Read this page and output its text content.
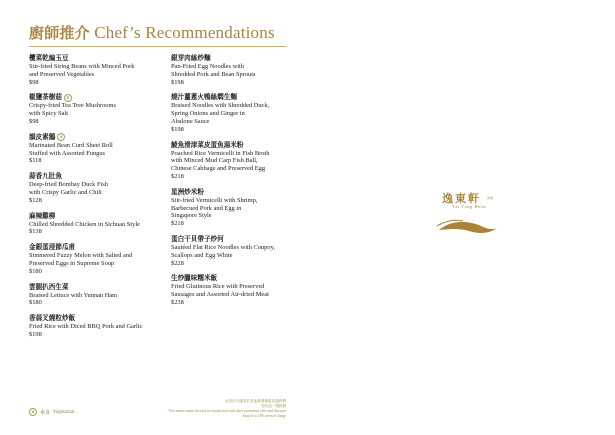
廚師推介 Chef’s Recommendations
欖菜乾煸玉豆
Stir-fried String Beans with Minced Pork
and Preserved Vegetables
$98
椒鹽茶樹菇	❦
Crispy-fried Tea Tree Mushrooms
with Spicy Salt
$98
韻皮素鵝	❦
Marinated Bean Curd Sheet Roll
Stuffed with Assorted Fungus
$118
蒜香九肚魚
Deep-fried Bombay Duck Fish
with Crispy Garlic and Chili
$128
麻辣雞柳
Chilled Shredded Chicken in Sichuan Style
$138
金銀蛋浸節瓜甫
Simmered Fuzzy Melon with Salted and
Preserved Eggs in Supreme Soup
$180
雲腿扒西生菜
Braised Lettuce with Yunnan Ham
$180
香蒜叉燒粒炒飯
Fried Rice with Diced BBQ Pork and Garlic
$198
銀芽肉絲炒麵
Pan-Fried Egg Noodles with
Shredded Pork and Bean Sprouts
$198
燒汁薑蔥火鴨絲燜生麵
Braised Noodles with Shredded Duck,
Spring Onions and Ginger in
Abalone Sauce
$198
鯪魚滑津菜皮蛋魚湯米粉
Poached Rice Vermicelli in Fish Broth
with Minced Mud Carp Fish Ball,
Chinese Cabbage and Preserved Egg
$218
星洲炒米粉
Stir-fried Vermicelli with Shrimp,
Barbecued Pork and Egg in
Singapore Style
$218
蛋白干貝帶子炒河
Sautéed Flat Rice Noodles with Conpoy,
Scallops and Egg White
$228
生炒臘味糯米飯
Fried Glutinous Rice with Preserved
Sausages and Assorted Air-dried Meat
$238
❦	素食 Vegetarian
此折扣不適用於其他推廣優惠及服務費
另收加一服務費
This menu cannot be used in conjunction with other promotion offer and discount
Subject to 10% service charge
逸東軒 香港
Yat Tung Heen
